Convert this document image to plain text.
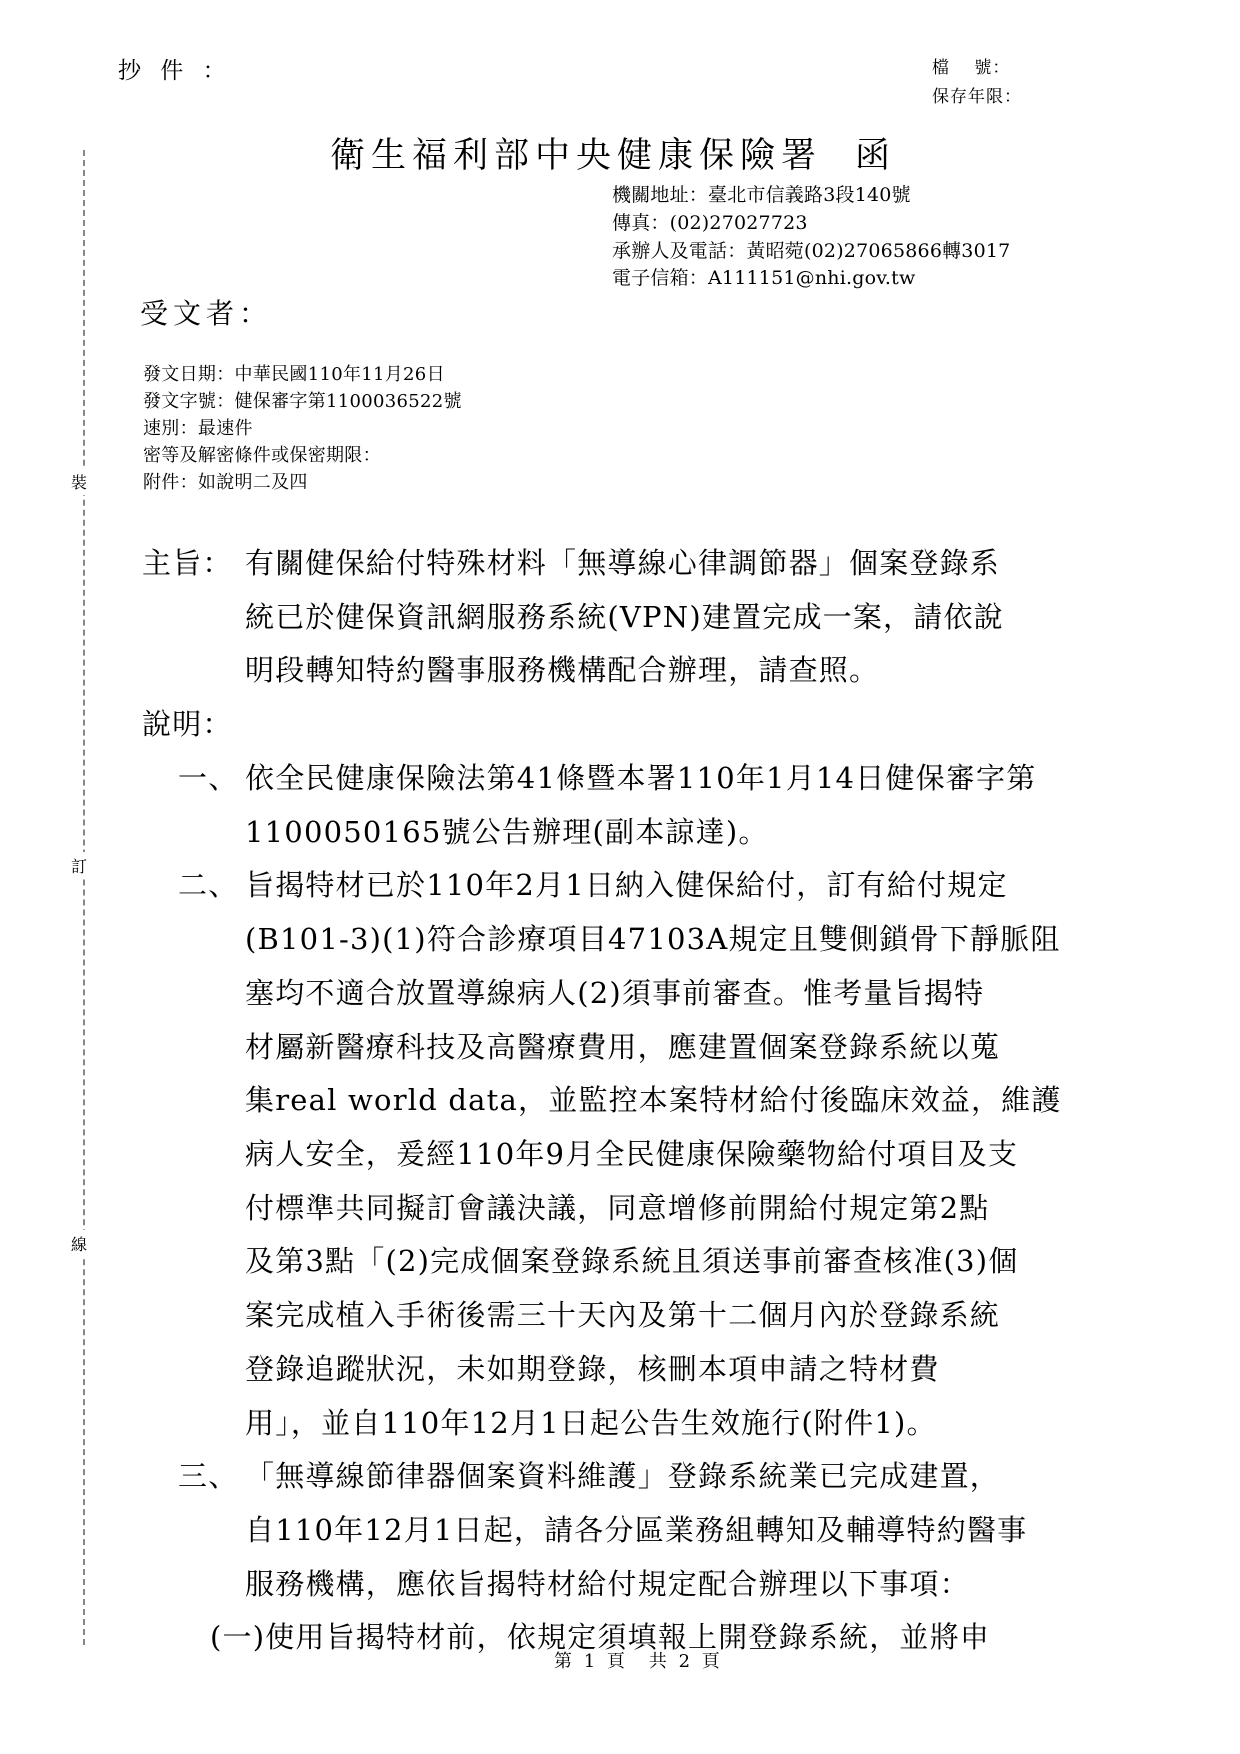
抄 件 ：	檔　 號：
保存年限：
裝
訂
線
衛生福利部中央健康保險署 函
機關地址：臺北市信義路3段140號
傳真：(02)27027723
承辦人及電話：黃昭菀(02)27065866轉3017
電子信箱：A111151@nhi.gov.tw
受文者：
發文日期：中華民國110年11月26日
發文字號：健保審字第1100036522號
速別：最速件
密等及解密條件或保密期限：
附件：如說明二及四
主旨： 有關健保給付特殊材料「無導線心律調節器」個案登錄系
統已於健保資訊網服務系統(VPN)建置完成一案，請依說
明段轉知特約醫事服務機構配合辦理，請查照。
說明：
一、 依全民健康保險法第41條暨本署110年1月14日健保審字第
1100050165號公告辦理(副本諒達)。
二、 旨揭特材已於110年2月1日納入健保給付，訂有給付規定
(B101-3)(1)符合診療項目47103A規定且雙側鎖骨下靜脈阻
塞均不適合放置導線病人(2)須事前審查。惟考量旨揭特
材屬新醫療科技及高醫療費用，應建置個案登錄系統以蒐
集real world data，並監控本案特材給付後臨床效益，維護
病人安全，爰經110年9月全民健康保險藥物給付項目及支
付標準共同擬訂會議決議，同意增修前開給付規定第2點
及第3點「(2)完成個案登錄系統且須送事前審查核准(3)個
案完成植入手術後需三十天內及第十二個月內於登錄系統
登錄追蹤狀況，未如期登錄，核刪本項申請之特材費
用」，並自110年12月1日起公告生效施行(附件1)。
三、 「無導線節律器個案資料維護」登錄系統業已完成建置，
自110年12月1日起，請各分區業務組轉知及輔導特約醫事
服務機構，應依旨揭特材給付規定配合辦理以下事項：
(一)使用旨揭特材前，依規定須填報上開登錄系統，並將申
第 1 頁　共 2 頁
